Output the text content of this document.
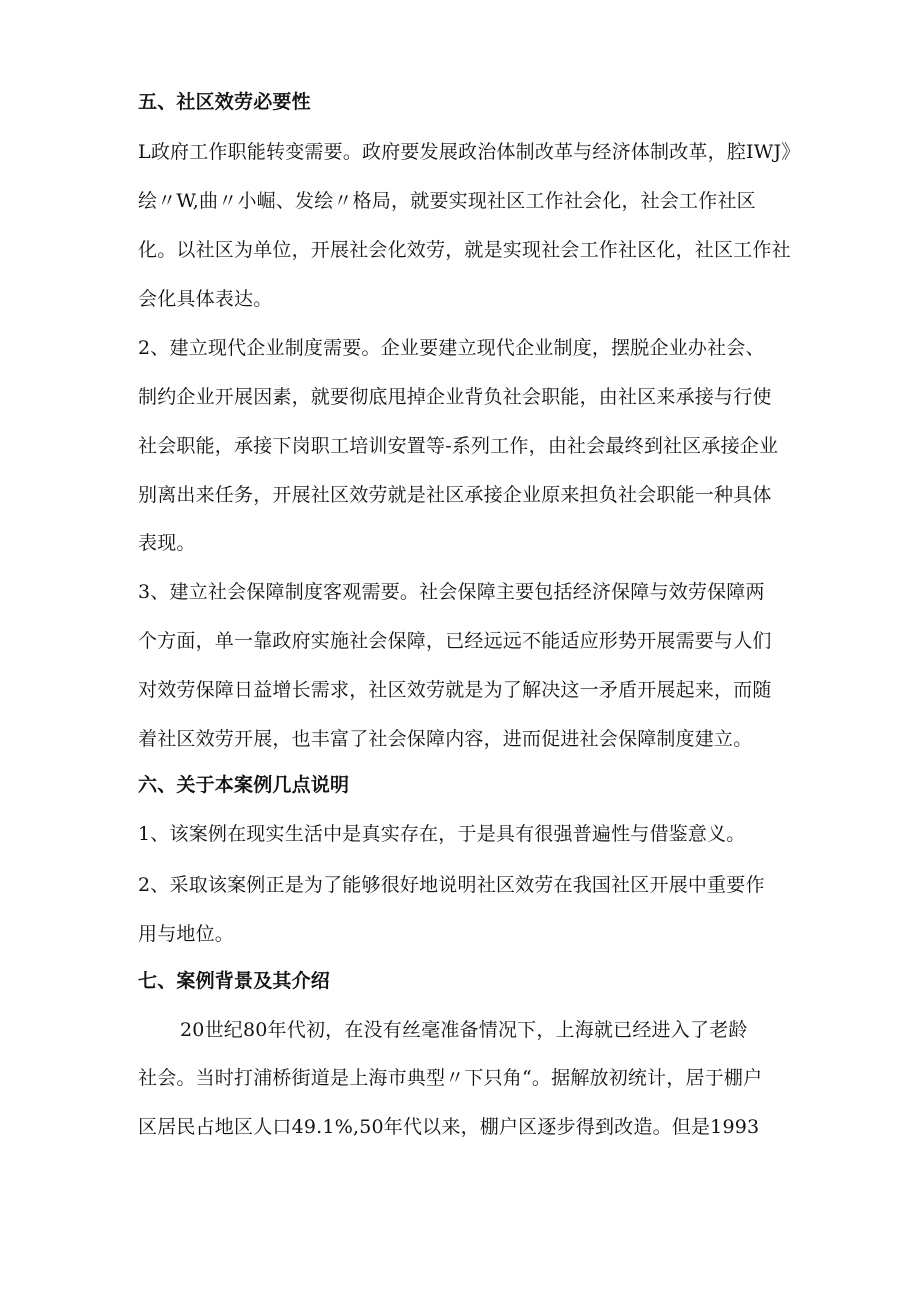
五、社区效劳必要性
L政府工作职能转变需要。政府要发展政治体制改革与经济体制改革，腔IWJ》
绘〃W,曲〃小崛、发绘〃格局，就要实现社区工作社会化，社会工作社区
化。以社区为单位，开展社会化效劳，就是实现社会工作社区化，社区工作社
会化具体表达。
2、建立现代企业制度需要。企业要建立现代企业制度，摆脱企业办社会、
制约企业开展因素，就要彻底甩掉企业背负社会职能，由社区来承接与行使
社会职能，承接下岗职工培训安置等-系列工作，由社会最终到社区承接企业
别离出来任务，开展社区效劳就是社区承接企业原来担负社会职能一种具体
表现。
3、建立社会保障制度客观需要。社会保障主要包括经济保障与效劳保障两
个方面，单一靠政府实施社会保障，已经远远不能适应形势开展需要与人们
对效劳保障日益增长需求，社区效劳就是为了解决这一矛盾开展起来，而随
着社区效劳开展，也丰富了社会保障内容，进而促进社会保障制度建立。
六、关于本案例几点说明
1、该案例在现实生活中是真实存在，于是具有很强普遍性与借鉴意义。
2、采取该案例正是为了能够很好地说明社区效劳在我国社区开展中重要作
用与地位。
七、案例背景及其介绍
20世纪80年代初，在没有丝毫准备情况下，上海就已经进入了老龄
社会。当时打浦桥街道是上海市典型〃下只角“。据解放初统计，居于棚户
区居民占地区人口49.1%,50年代以来，棚户区逐步得到改造。但是1993
